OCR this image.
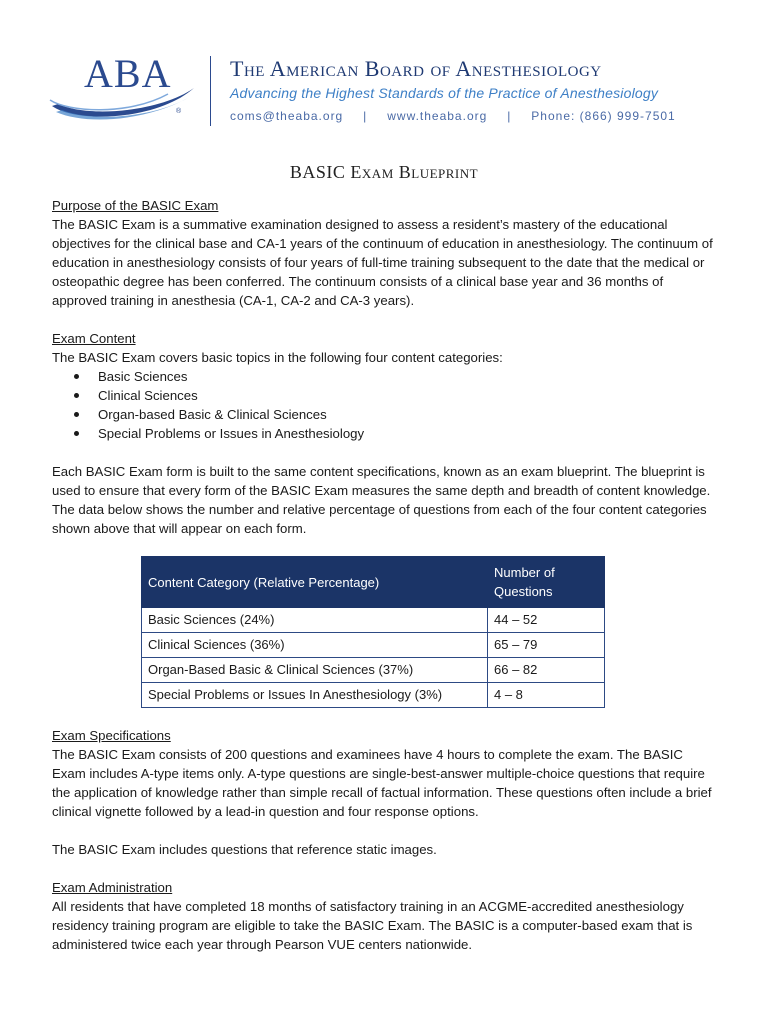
ABA
®
The American Board of Anesthesiology
Advancing the Highest Standards of the Practice of Anesthesiology
coms@theaba.org | www.theaba.org | Phone: (866) 999-7501
BASIC Exam Blueprint
Purpose of the BASIC Exam

The BASIC Exam is a summative examination designed to assess a resident’s mastery of the educational objectives for the clinical base and CA-1 years of the continuum of education in anesthesiology. The continuum of education in anesthesiology consists of four years of full-time training subsequent to the date that the medical or osteopathic degree has been conferred. The continuum consists of a clinical base year and 36 months of approved training in anesthesia (CA-1, CA-2 and CA-3 years).

Exam Content

The BASIC Exam covers basic topics in the following four content categories:

Basic Sciences
Clinical Sciences
Organ-based Basic & Clinical Sciences
Special Problems or Issues in Anesthesiology

Each BASIC Exam form is built to the same content specifications, known as an exam blueprint. The blueprint is used to ensure that every form of the BASIC Exam measures the same depth and breadth of content knowledge. The data below shows the number and relative percentage of questions from each of the four content categories shown above that will appear on each form.

Content Category (Relative Percentage)	Number of Questions
Basic Sciences (24%)	44 – 52
Clinical Sciences (36%)	65 – 79
Organ-Based Basic & Clinical Sciences (37%)	66 – 82
Special Problems or Issues In Anesthesiology (3%)	4 – 8
Exam Specifications

The BASIC Exam consists of 200 questions and examinees have 4 hours to complete the exam. The BASIC Exam includes A-type items only. A-type questions are single-best-answer multiple-choice questions that require the application of knowledge rather than simple recall of factual information. These questions often include a brief clinical vignette followed by a lead-in question and four response options.

The BASIC Exam includes questions that reference static images.

Exam Administration

All residents that have completed 18 months of satisfactory training in an ACGME-accredited anesthesiology residency training program are eligible to take the BASIC Exam. The BASIC is a computer-based exam that is administered twice each year through Pearson VUE centers nationwide.
